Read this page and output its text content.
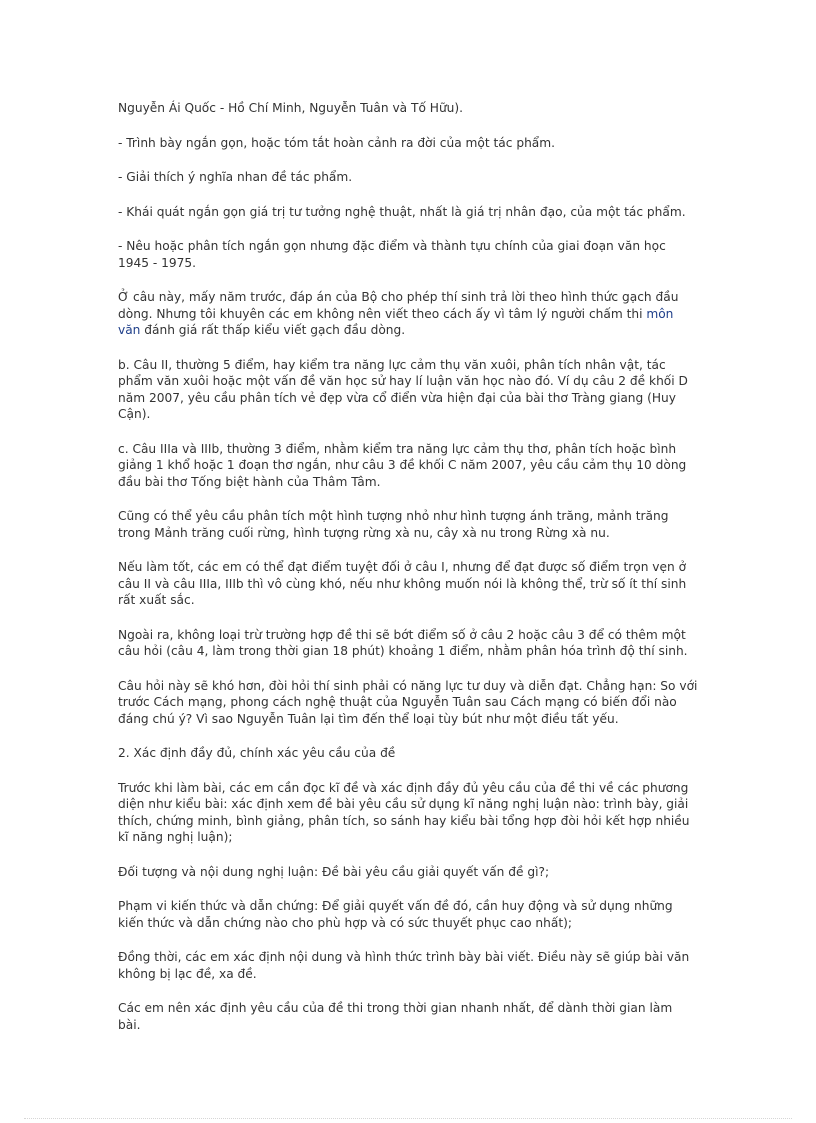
Nguyễn Ái Quốc - Hồ Chí Minh, Nguyễn Tuân và Tố Hữu).

- Trình bày ngắn gọn, hoặc tóm tắt hoàn cảnh ra đời của một tác phẩm.

- Giải thích ý nghĩa nhan đề tác phẩm.

- Khái quát ngắn gọn giá trị tư tưởng nghệ thuật, nhất là giá trị nhân đạo, của một tác phẩm.

- Nêu hoặc phân tích ngắn gọn nhưng đặc điểm và thành tựu chính của giai đoạn văn học 1945 - 1975.

Ở câu này, mấy năm trước, đáp án của Bộ cho phép thí sinh trả lời theo hình thức gạch đầu dòng. Nhưng tôi khuyên các em không nên viết theo cách ấy vì tâm lý người chấm thi môn văn đánh giá rất thấp kiểu viết gạch đầu dòng.

b. Câu II, thường 5 điểm, hay kiểm tra năng lực cảm thụ văn xuôi, phân tích nhân vật, tác phẩm văn xuôi hoặc một vấn đề văn học sử hay lí luận văn học nào đó. Ví dụ câu 2 đề khối D năm 2007, yêu cầu phân tích vẻ đẹp vừa cổ điển vừa hiện đại của bài thơ Tràng giang (Huy Cận).

c. Câu IIIa và IIIb, thường 3 điểm, nhằm kiểm tra năng lực cảm thụ thơ, phân tích hoặc bình giảng 1 khổ hoặc 1 đoạn thơ ngắn, như câu 3 đề khối C năm 2007, yêu cầu cảm thụ 10 dòng đầu bài thơ Tống biệt hành của Thâm Tâm.

Cũng có thể yêu cầu phân tích một hình tượng nhỏ như hình tượng ánh trăng, mảnh trăng trong Mảnh trăng cuối rừng, hình tượng rừng xà nu, cây xà nu trong Rừng xà nu.

Nếu làm tốt, các em có thể đạt điểm tuyệt đối ở câu I, nhưng để đạt được số điểm trọn vẹn ở câu II và câu IIIa, IIIb thì vô cùng khó, nếu như không muốn nói là không thể, trừ số ít thí sinh rất xuất sắc.

Ngoài ra, không loại trừ trường hợp đề thi sẽ bớt điểm số ở câu 2 hoặc câu 3 để có thêm một câu hỏi (câu 4, làm trong thời gian 18 phút) khoảng 1 điểm, nhằm phân hóa trình độ thí sinh.

Câu hỏi này sẽ khó hơn, đòi hỏi thí sinh phải có năng lực tư duy và diễn đạt. Chẳng hạn: So với trước Cách mạng, phong cách nghệ thuật của Nguyễn Tuân sau Cách mạng có biến đổi nào đáng chú ý? Vì sao Nguyễn Tuân lại tìm đến thể loại tùy bút như một điều tất yếu.

2. Xác định đầy đủ, chính xác yêu cầu của đề

Trước khi làm bài, các em cần đọc kĩ đề và xác định đầy đủ yêu cầu của đề thi về các phương diện như kiểu bài: xác định xem đề bài yêu cầu sử dụng kĩ năng nghị luận nào: trình bày, giải thích, chứng minh, bình giảng, phân tích, so sánh hay kiểu bài tổng hợp đòi hỏi kết hợp nhiều kĩ năng nghị luận);

Đối tượng và nội dung nghị luận: Đề bài yêu cầu giải quyết vấn đề gì?;

Phạm vi kiến thức và dẫn chứng: Để giải quyết vấn đề đó, cần huy động và sử dụng những kiến thức và dẫn chứng nào cho phù hợp và có sức thuyết phục cao nhất);

Đồng thời, các em xác định nội dung và hình thức trình bày bài viết. Điều này sẽ giúp bài văn không bị lạc đề, xa đề.

Các em nên xác định yêu cầu của đề thi trong thời gian nhanh nhất, để dành thời gian làm bài.
